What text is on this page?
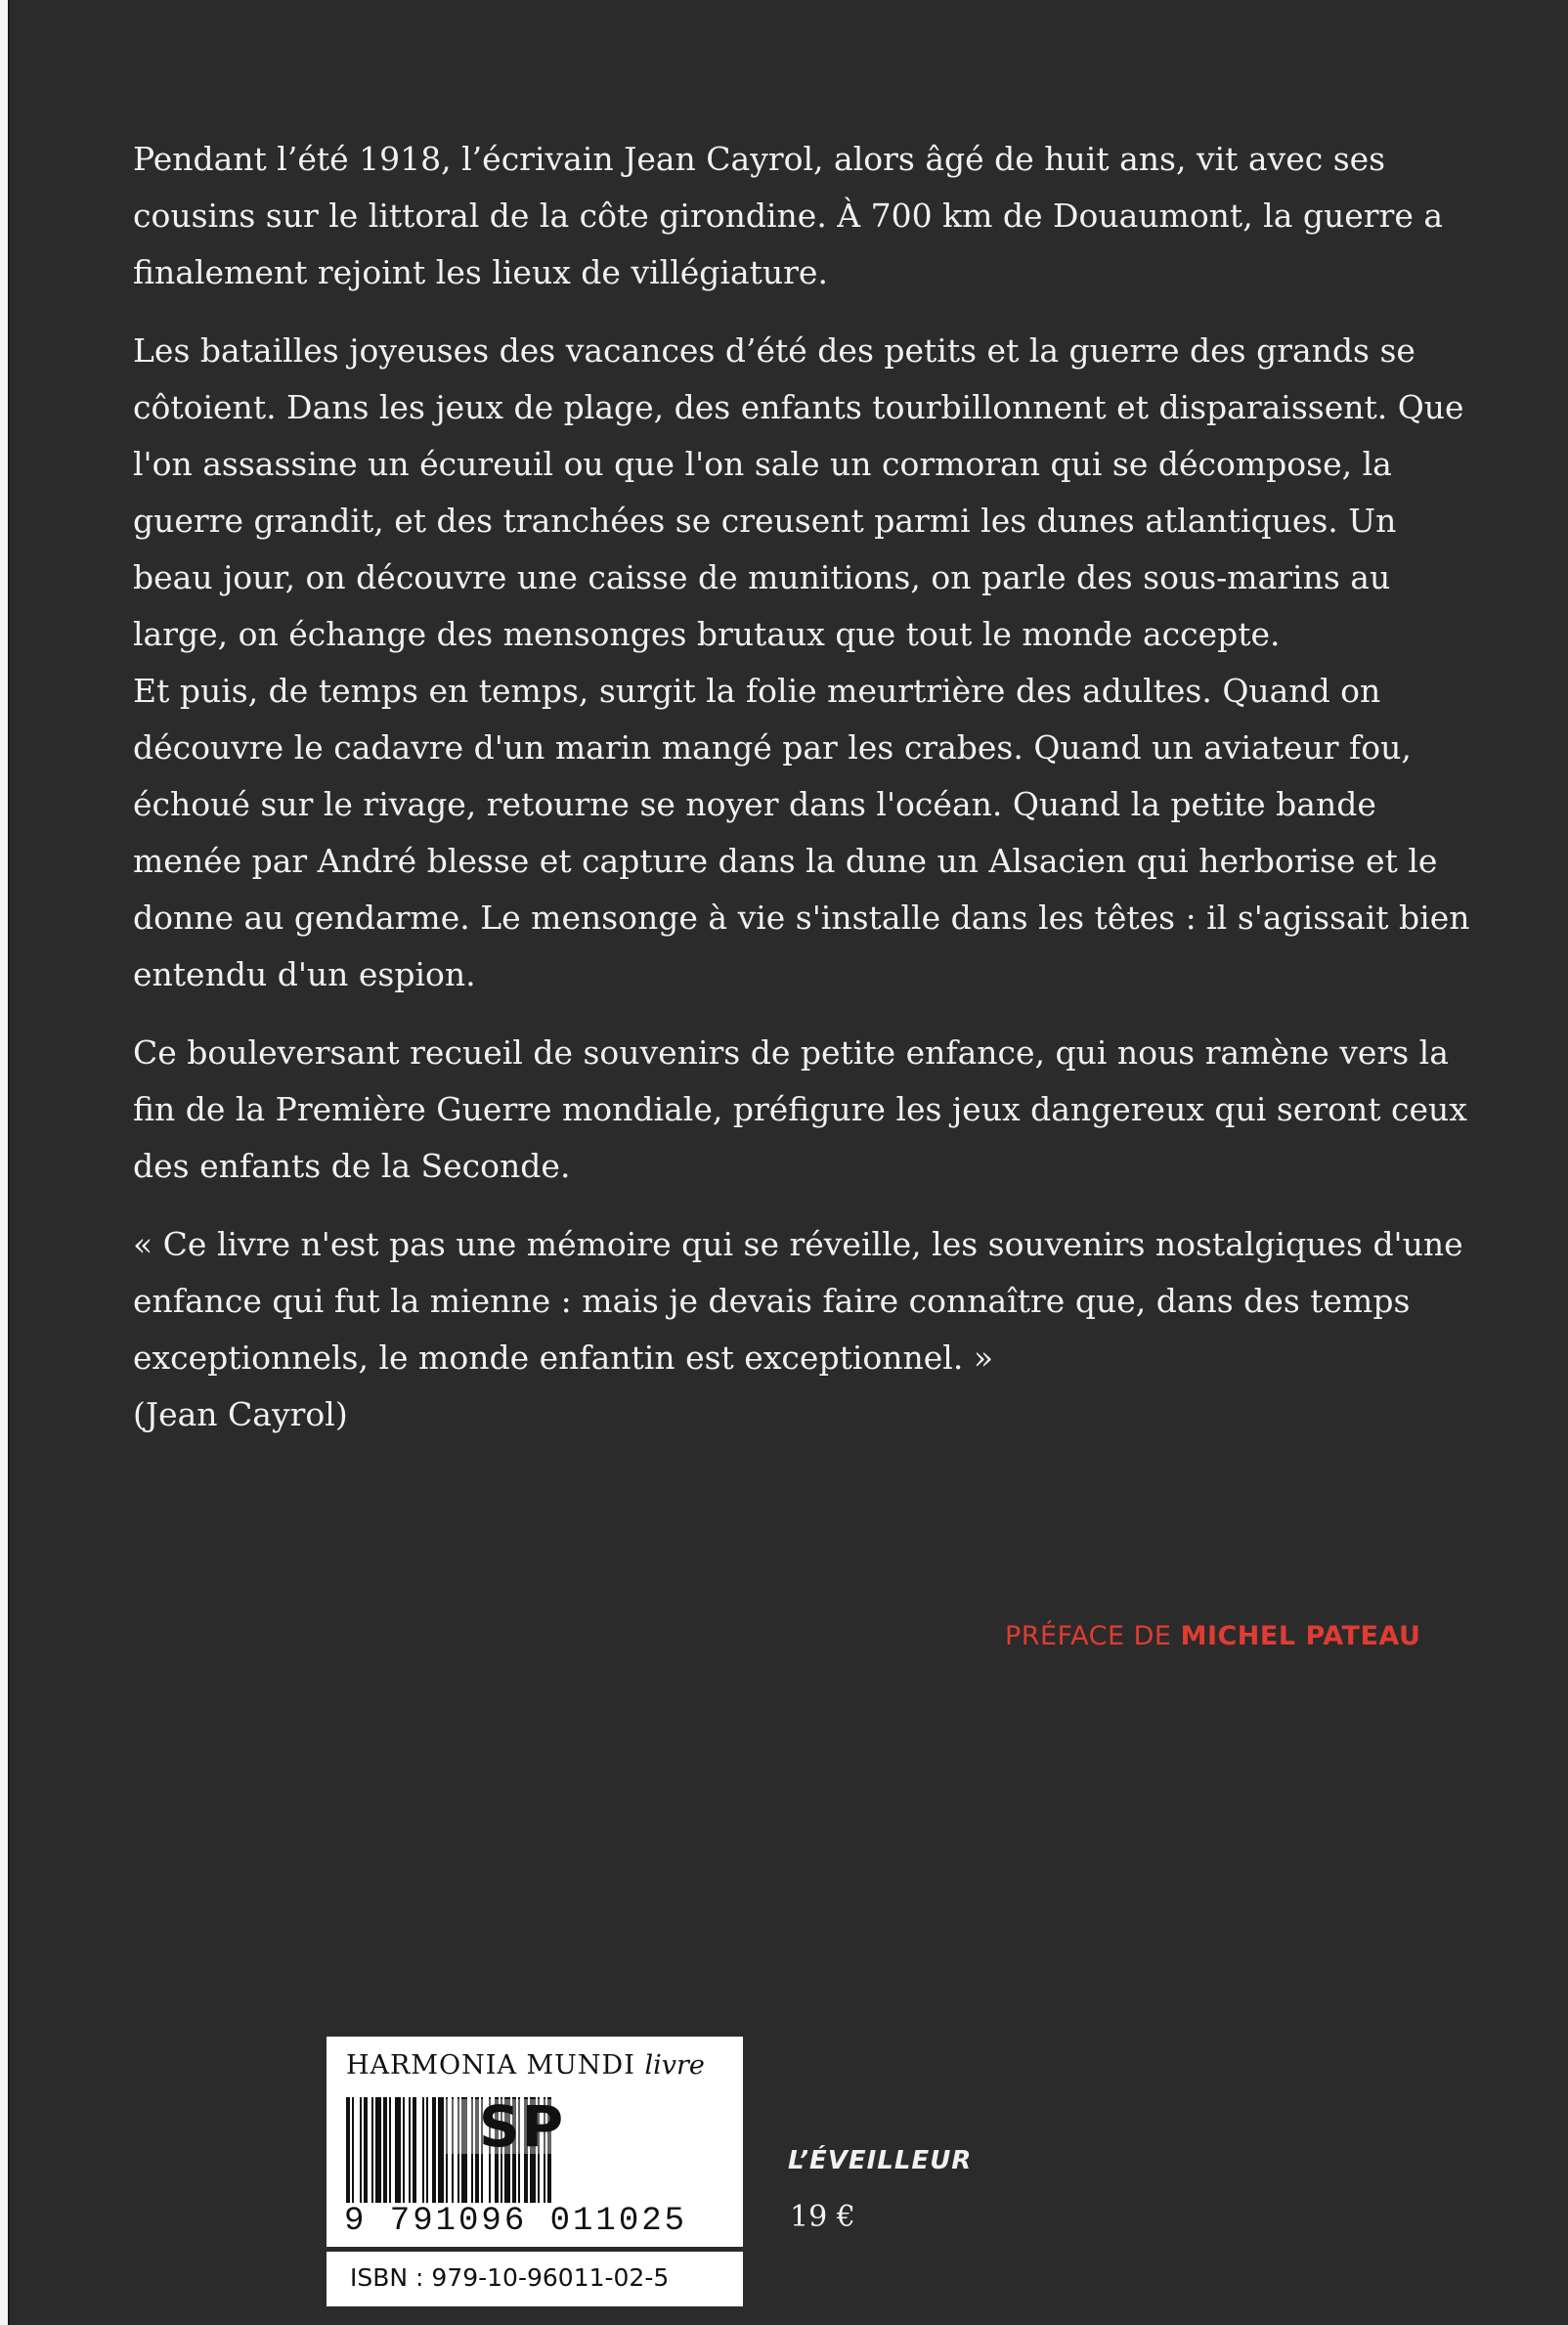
Pendant l’été 1918, l’écrivain Jean Cayrol, alors âgé de huit ans, vit avec ses cousins sur le littoral de la côte girondine. À 700 km de Douaumont, la guerre a finalement rejoint les lieux de villégiature.

Les batailles joyeuses des vacances d’été des petits et la guerre des grands se côtoient. Dans les jeux de plage, des enfants tourbillonnent et disparaissent. Que l'on assassine un écureuil ou que l'on sale un cormoran qui se décompose, la guerre grandit, et des tranchées se creusent parmi les dunes atlantiques. Un beau jour, on découvre une caisse de munitions, on parle des sous-marins au large, on échange des mensonges brutaux que tout le monde accepte.

Et puis, de temps en temps, surgit la folie meurtrière des adultes. Quand on découvre le cadavre d'un marin mangé par les crabes. Quand un aviateur fou, échoué sur le rivage, retourne se noyer dans l'océan. Quand la petite bande menée par André blesse et capture dans la dune un Alsacien qui herborise et le donne au gendarme. Le mensonge à vie s'installe dans les têtes : il s'agissait bien entendu d'un espion.

Ce bouleversant recueil de souvenirs de petite enfance, qui nous ramène vers la fin de la Première Guerre mondiale, préfigure les jeux dangereux qui seront ceux des enfants de la Seconde.

« Ce livre n'est pas une mémoire qui se réveille, les souvenirs nostalgiques d'une enfance qui fut la mienne : mais je devais faire connaître que, dans des temps exceptionnels, le monde enfantin est exceptionnel. »

(Jean Cayrol)

PRÉFACE DE MICHEL PATEAU
L’ÉVEILLEUR
19 €
HARMONIA MUNDI livre
SP
9 791096 011025
ISBN : 979-10-96011-02-5
